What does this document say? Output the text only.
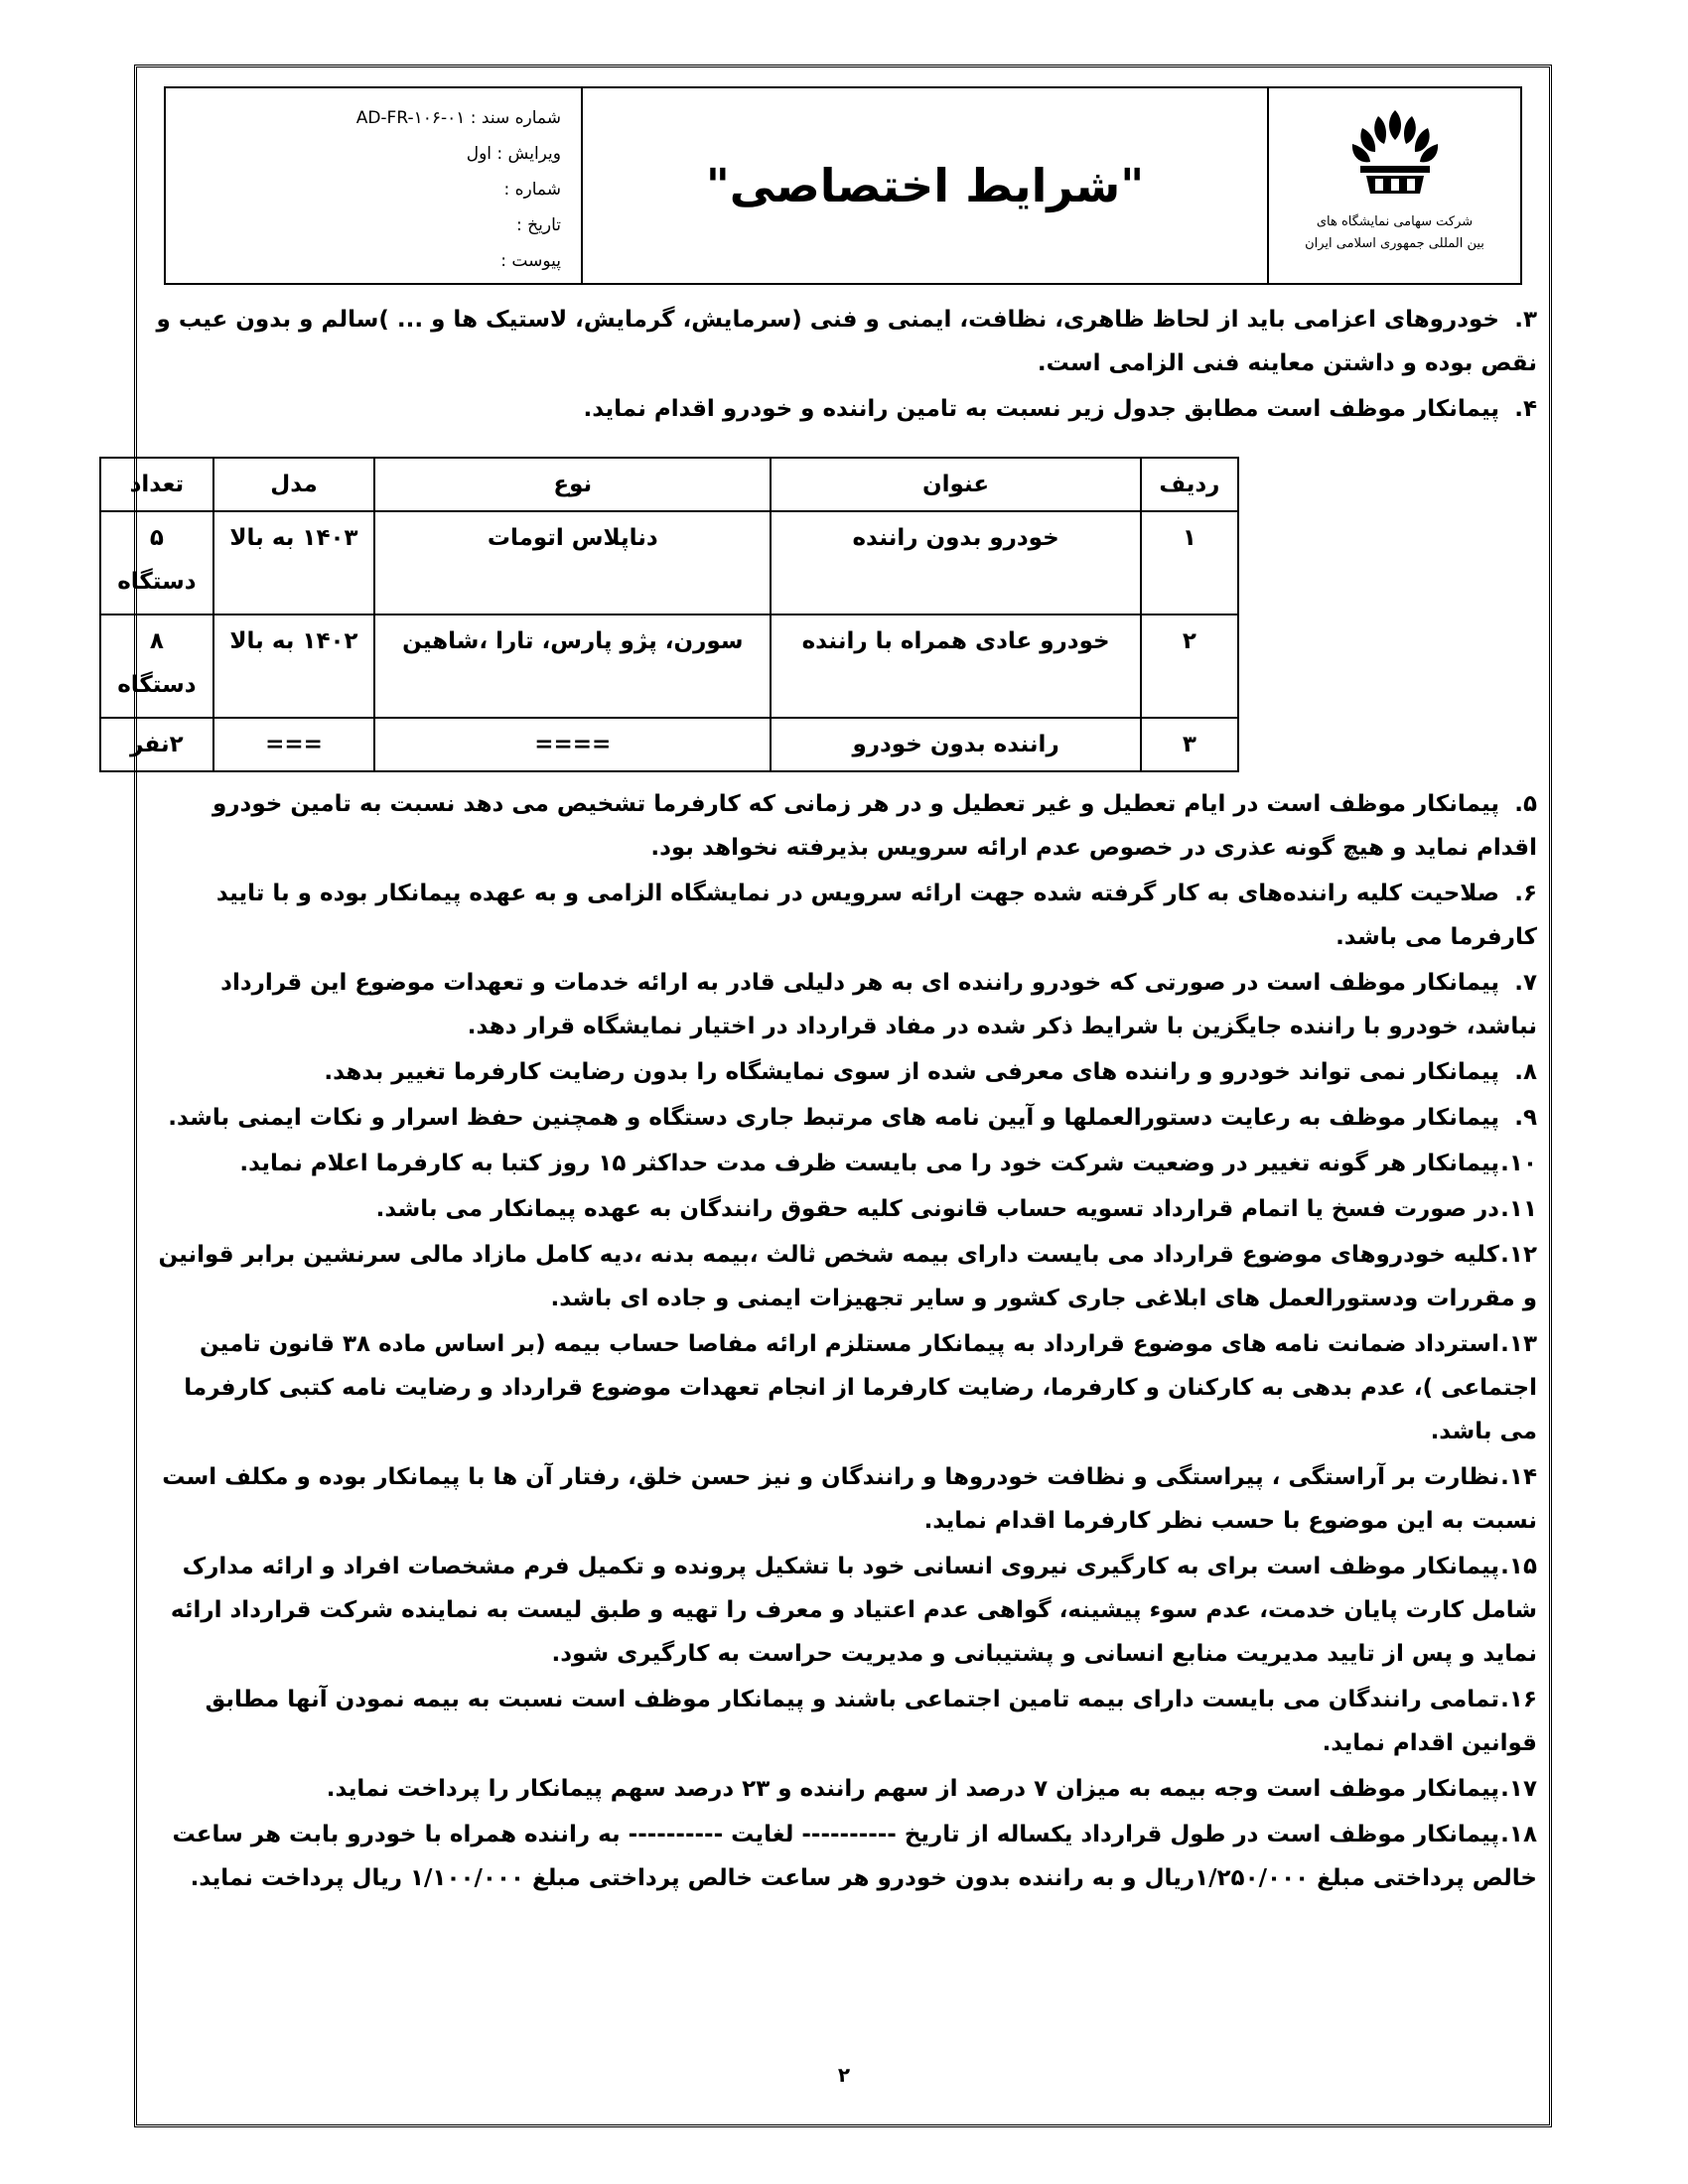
شماره سند : AD-FR-۱۰۶-۰۱
ویرایش : اول
شماره :
تاریخ :
پیوست :
"شرایط اختصاصی"
شرکت سهامی نمایشگاه های
بین المللی جمهوری اسلامی ایران
۳.خودروهای اعزامی باید از لحاظ ظاهری، نظافت، ایمنی و فنی (سرمایش، گرمایش، لاستیک ها و ... )سالم و بدون عیب و نقص بوده و داشتن معاینه فنی الزامی است.
۴.پیمانکار موظف است مطابق جدول زیر نسبت به تامین راننده و خودرو اقدام نماید.
ردیف	عنوان	نوع	مدل	تعداد
۱	خودرو بدون راننده	دناپلاس اتومات	۱۴۰۳ به بالا	۵ دستگاه
۲	خودرو عادی همراه با راننده	سورن، پژو پارس، تارا ،شاهین	۱۴۰۲ به بالا	۸ دستگاه
۳	راننده بدون خودرو	====	===	۲نفر
۵.پیمانکار موظف است در ایام تعطیل و غیر تعطیل و در هر زمانی که کارفرما تشخیص می دهد نسبت به تامین خودرو اقدام نماید و هیچ گونه عذری در خصوص عدم ارائه سرویس بذیرفته نخواهد بود.
۶.صلاحیت کلیه راننده‌های به کار گرفته شده جهت ارائه سرویس در نمایشگاه الزامی و به عهده پیمانکار بوده و با تایید کارفرما می باشد.
۷.پیمانکار موظف است در صورتی که خودرو راننده ای به هر دلیلی قادر به ارائه خدمات و تعهدات موضوع این قرارداد نباشد، خودرو با راننده جایگزین با شرایط ذکر شده در مفاد قرارداد در اختیار نمایشگاه قرار دهد.
۸.پیمانکار نمی تواند خودرو و راننده های معرفی شده از سوی نمایشگاه را بدون رضایت کارفرما تغییر بدهد.
۹.پیمانکار موظف به رعایت دستورالعملها و آیین نامه های مرتبط جاری دستگاه و همچنین حفظ اسرار و نکات ایمنی باشد.
۱۰.پیمانکار هر گونه تغییر در وضعیت شرکت خود را می بایست ظرف مدت حداکثر ۱۵ روز کتبا به کارفرما اعلام نماید.
۱۱.در صورت فسخ یا اتمام قرارداد تسویه حساب قانونی کلیه حقوق رانندگان به عهده پیمانکار می باشد.
۱۲.کلیه خودروهای موضوع قرارداد می بایست دارای بیمه شخص ثالث ،بیمه بدنه ،دیه کامل مازاد مالی سرنشین برابر قوانین و مقررات ودستورالعمل های ابلاغی جاری کشور و سایر تجهیزات ایمنی و جاده ای باشد.
۱۳.استرداد ضمانت نامه های موضوع قرارداد به پیمانکار مستلزم ارائه مفاصا حساب بیمه (بر اساس ماده ۳۸ قانون تامین اجتماعی )، عدم بدهی به کارکنان و کارفرما، رضایت کارفرما از انجام تعهدات موضوع قرارداد و رضایت نامه کتبی کارفرما می باشد.
۱۴.نظارت بر آراستگی ، پیراستگی و نظافت خودروها و رانندگان و نیز حسن خلق، رفتار آن ها با پیمانکار بوده و مکلف است نسبت به این موضوع با حسب نظر کارفرما اقدام نماید.
۱۵.پیمانکار موظف است برای به کارگیری نیروی انسانی خود با تشکیل پرونده و تکمیل فرم مشخصات افراد و ارائه مدارک شامل کارت پایان خدمت، عدم سوء پیشینه، گواهی عدم اعتیاد و معرف را تهیه و طبق لیست به نماینده شرکت قرارداد ارائه نماید و پس از تایید مدیریت منابع انسانی و پشتیبانی و مدیریت حراست به کارگیری شود.
۱۶.تمامی رانندگان می بایست دارای بیمه تامین اجتماعی باشند و پیمانکار موظف است نسبت به بیمه نمودن آنها مطابق قوانین اقدام نماید.
۱۷.پیمانکار موظف است وجه بیمه به میزان ۷ درصد از سهم راننده و ۲۳ درصد سهم پیمانکار را پرداخت نماید.
۱۸.پیمانکار موظف است در طول قرارداد یکساله از تاریخ ---------- لغایت ---------- به راننده همراه با خودرو بابت هر ساعت خالص پرداختی مبلغ ۱/۲۵۰/۰۰۰ریال و به راننده بدون خودرو هر ساعت خالص پرداختی مبلغ ۱/۱۰۰/۰۰۰ ریال پرداخت نماید.
۲
